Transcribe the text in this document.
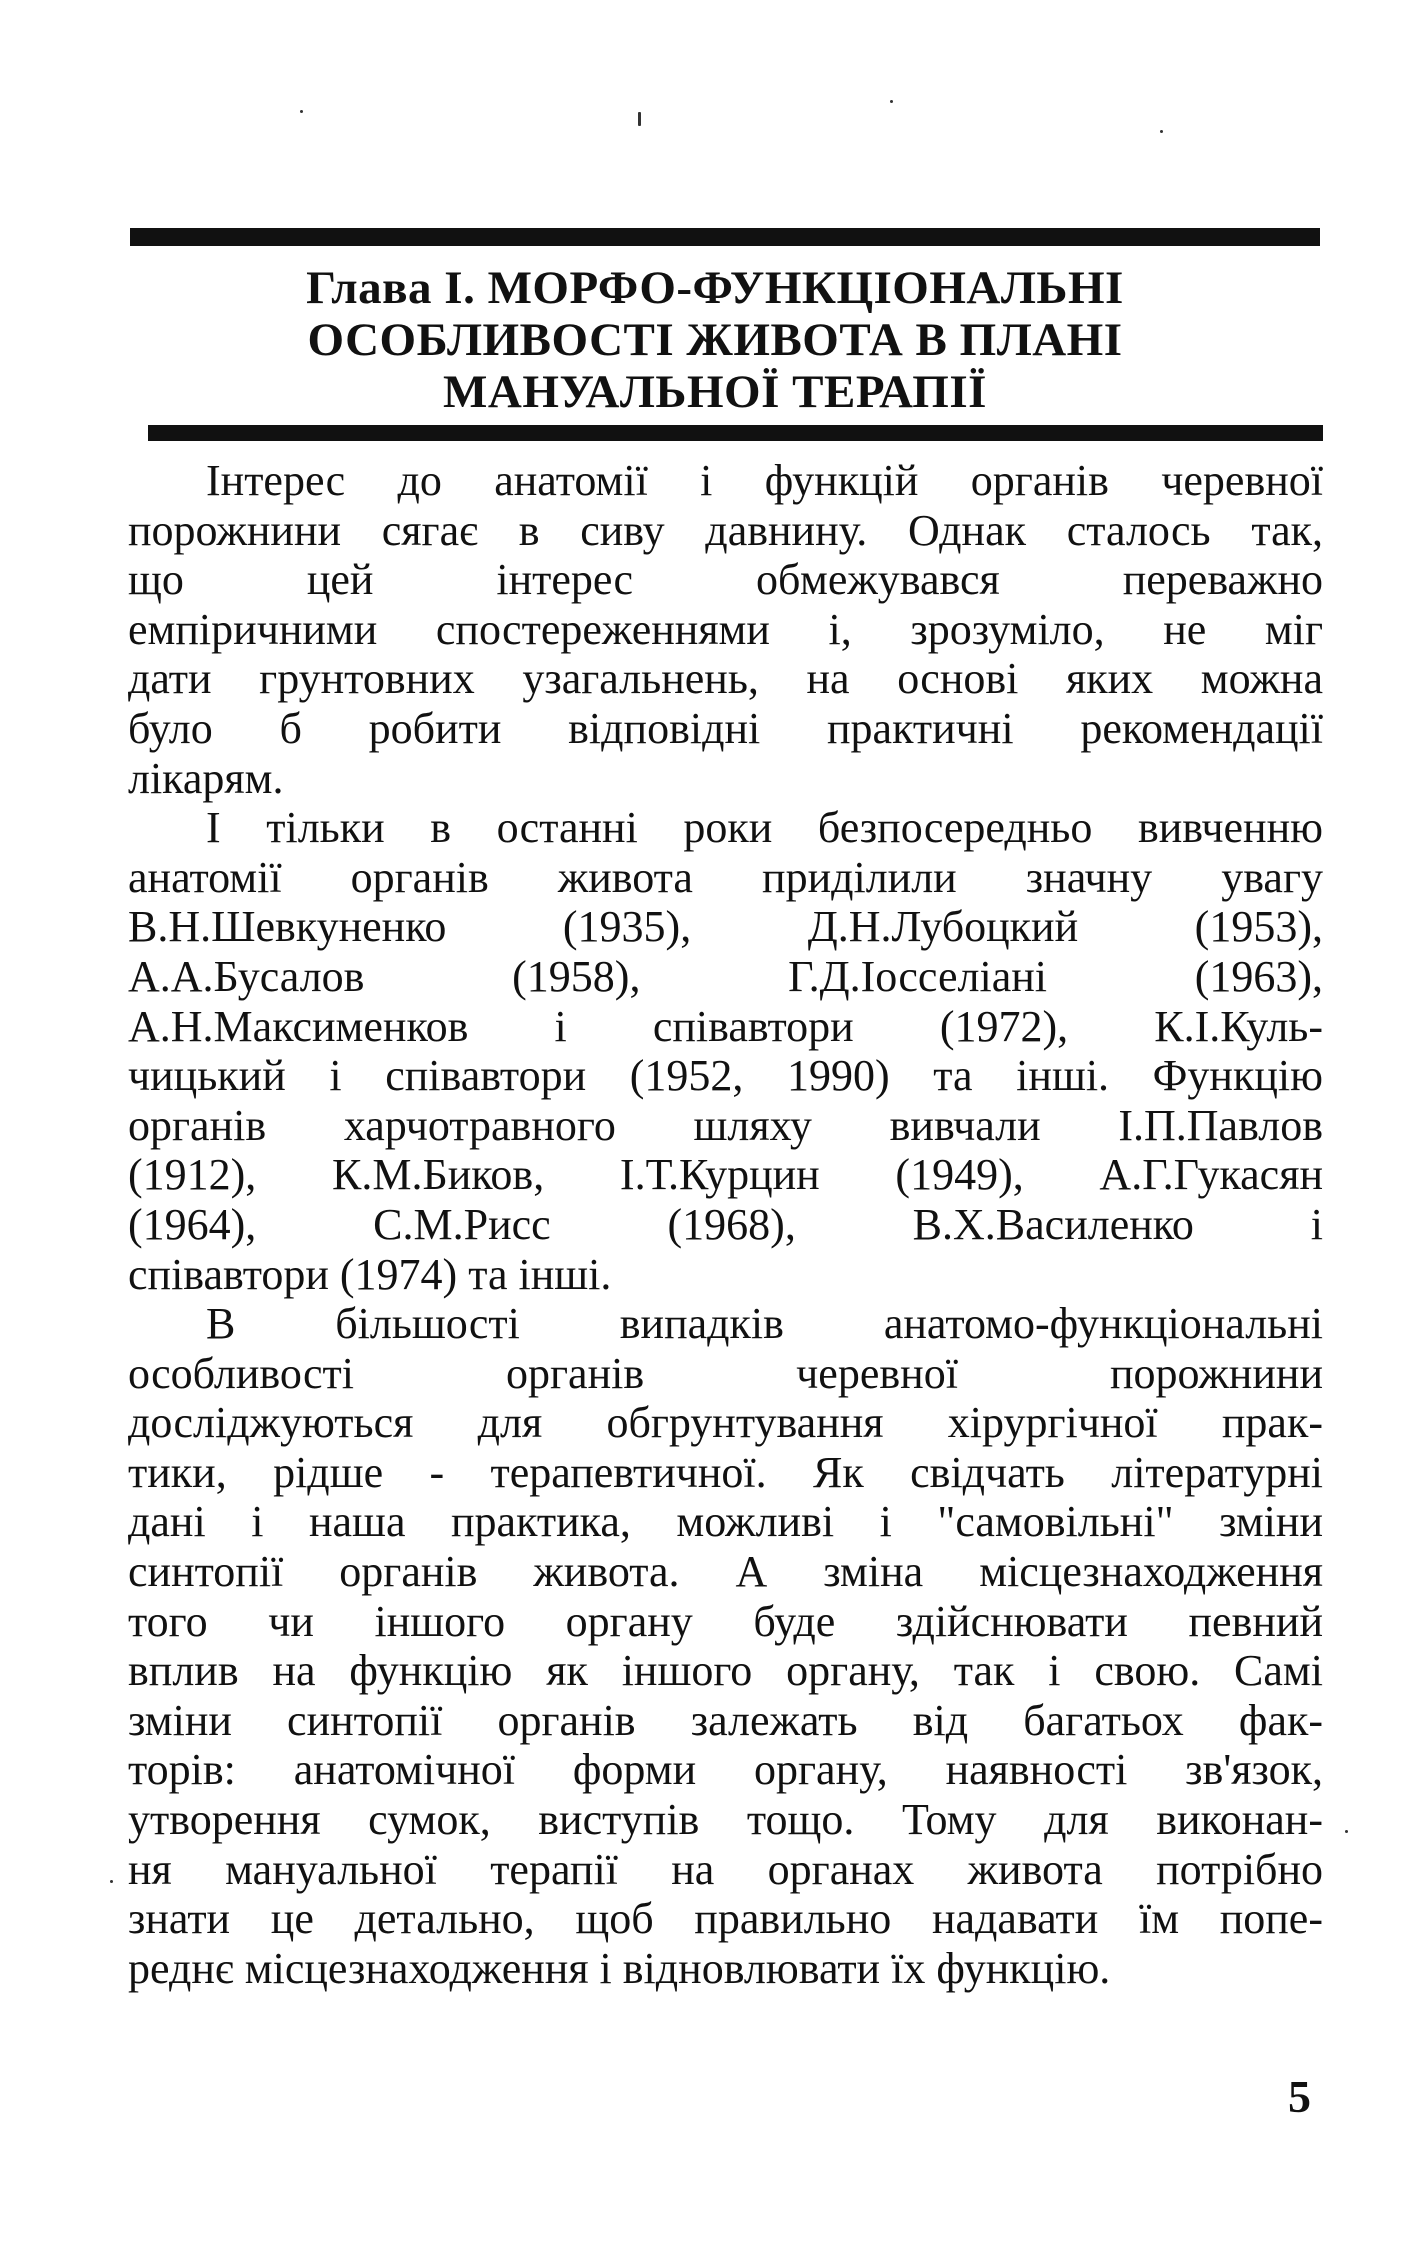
Глава І. МОРФО-ФУНКЦІОНАЛЬНІ
ОСОБЛИВОСТІ ЖИВОТА В ПЛАНІ
МАНУАЛЬНОЇ ТЕРАПІЇ
Інтерес до анатомії і функцій органів черевної
порожнини сягає в сиву давнину. Однак сталось так,
що цей інтерес обмежувався переважно
емпіричними спостереженнями і, зрозуміло, не міг
дати грунтовних узагальнень, на основі яких можна
було б робити відповідні практичні рекомендації
лікарям.
І тільки в останні роки безпосередньо вивченню
анатомії органів живота приділили значну увагу
В.Н.Шевкуненко (1935), Д.Н.Лубоцкий (1953),
А.А.Бусалов (1958), Г.Д.Іосселіані (1963),
А.Н.Максименков і співавтори (1972), К.І.Куль-
чицький і співавтори (1952, 1990) та інші. Функцію
органів харчотравного шляху вивчали І.П.Павлов
(1912), К.М.Биков, І.Т.Курцин (1949), А.Г.Гукасян
(1964), С.М.Рисс (1968), В.Х.Василенко і
співавтори (1974) та інші.
В більшості випадків анатомо-функціональні
особливості органів черевної порожнини
досліджуються для обгрунтування хірургічної прак-
тики, рідше - терапевтичної. Як свідчать літературні
дані і наша практика, можливі і "самовільні" зміни
синтопії органів живота. А зміна місцезнаходження
того чи іншого органу буде здійснювати певний
вплив на функцію як іншого органу, так і свою. Самі
зміни синтопії органів залежать від багатьох фак-
торів: анатомічної форми органу, наявності зв'язок,
утворення сумок, виступів тощо. Тому для виконан-
ня мануальної терапії на органах живота потрібно
знати це детально, щоб правильно надавати їм попе-
реднє місцезнаходження і відновлювати їх функцію.
5
